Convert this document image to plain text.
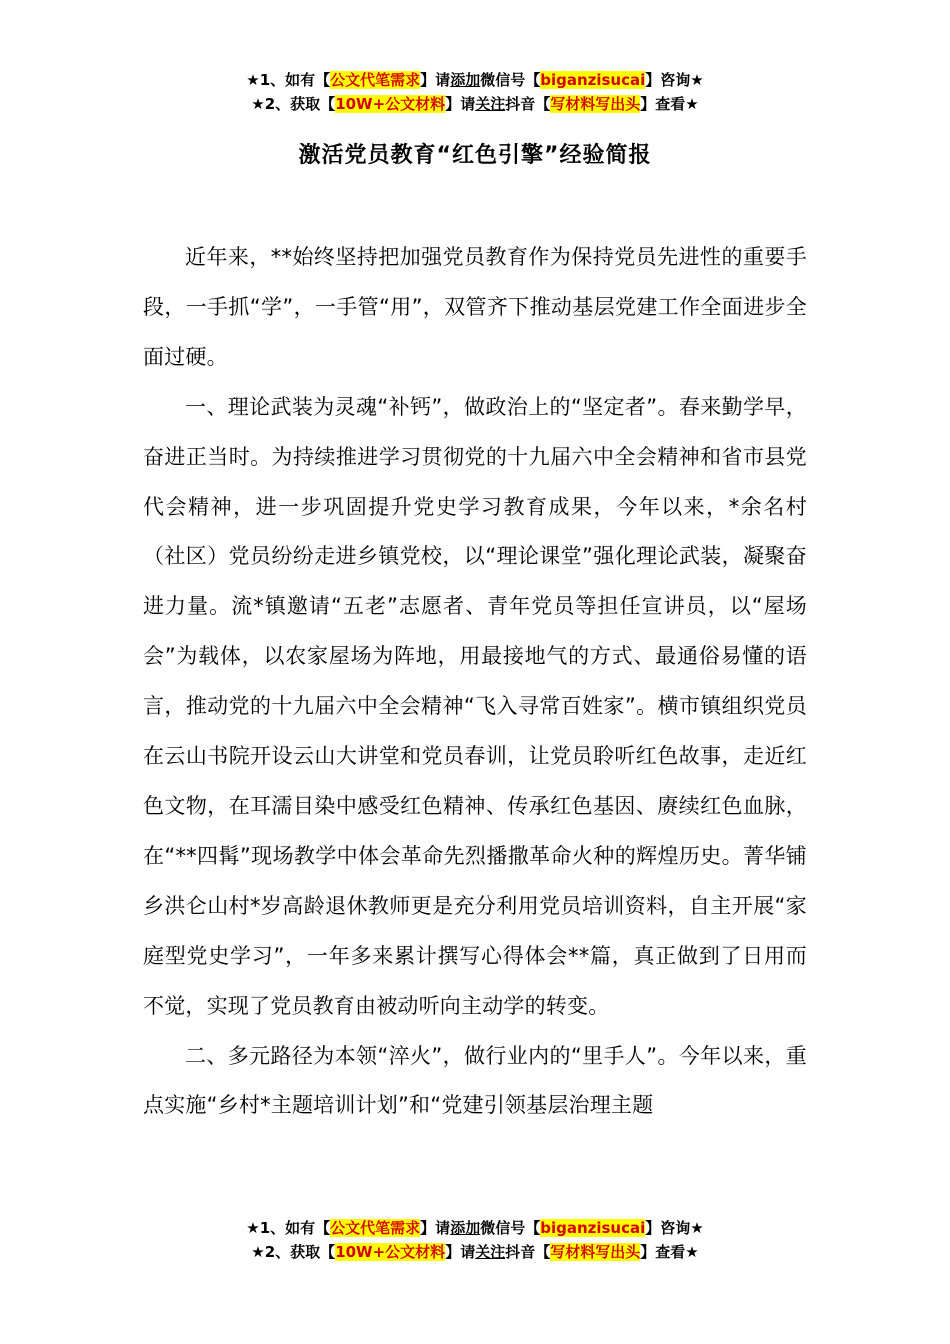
★1、如有【公文代笔需求】请添加微信号【biganzisucai】咨询★
★2、获取【10W+公文材料】请关注抖音【写材料写出头】查看★
激活党员教育“红色引擎”经验简报

近年来，**始终坚持把加强党员教育作为保持党员先进性的重要手段，一手抓“学”，一手管“用”，双管齐下推动基层党建工作全面进步全面过硬。

一、理论武装为灵魂“补钙”，做政治上的“坚定者”。春来勤学早，奋进正当时。为持续推进学习贯彻党的十九届六中全会精神和省市县党代会精神，进一步巩固提升党史学习教育成果，今年以来，*余名村（社区）党员纷纷走进乡镇党校，以“理论课堂”强化理论武装，凝聚奋进力量。流*镇邀请“五老”志愿者、青年党员等担任宣讲员，以“屋场会”为载体，以农家屋场为阵地，用最接地气的方式、最通俗易懂的语言，推动党的十九届六中全会精神“飞入寻常百姓家”。横市镇组织党员在云山书院开设云山大讲堂和党员春训，让党员聆听红色故事，走近红色文物，在耳濡目染中感受红色精神、传承红色基因、赓续红色血脉，在“**四髯”现场教学中体会革命先烈播撒革命火种的辉煌历史。菁华铺乡洪仑山村*岁高龄退休教师更是充分利用党员培训资料，自主开展“家庭型党史学习”，一年多来累计撰写心得体会**篇，真正做到了日用而不觉，实现了党员教育由被动听向主动学的转变。

二、多元路径为本领“淬火”，做行业内的“里手人”。今年以来，重点实施“乡村*主题培训计划”和“党建引领基层治理主题

★1、如有【公文代笔需求】请添加微信号【biganzisucai】咨询★
★2、获取【10W+公文材料】请关注抖音【写材料写出头】查看★
